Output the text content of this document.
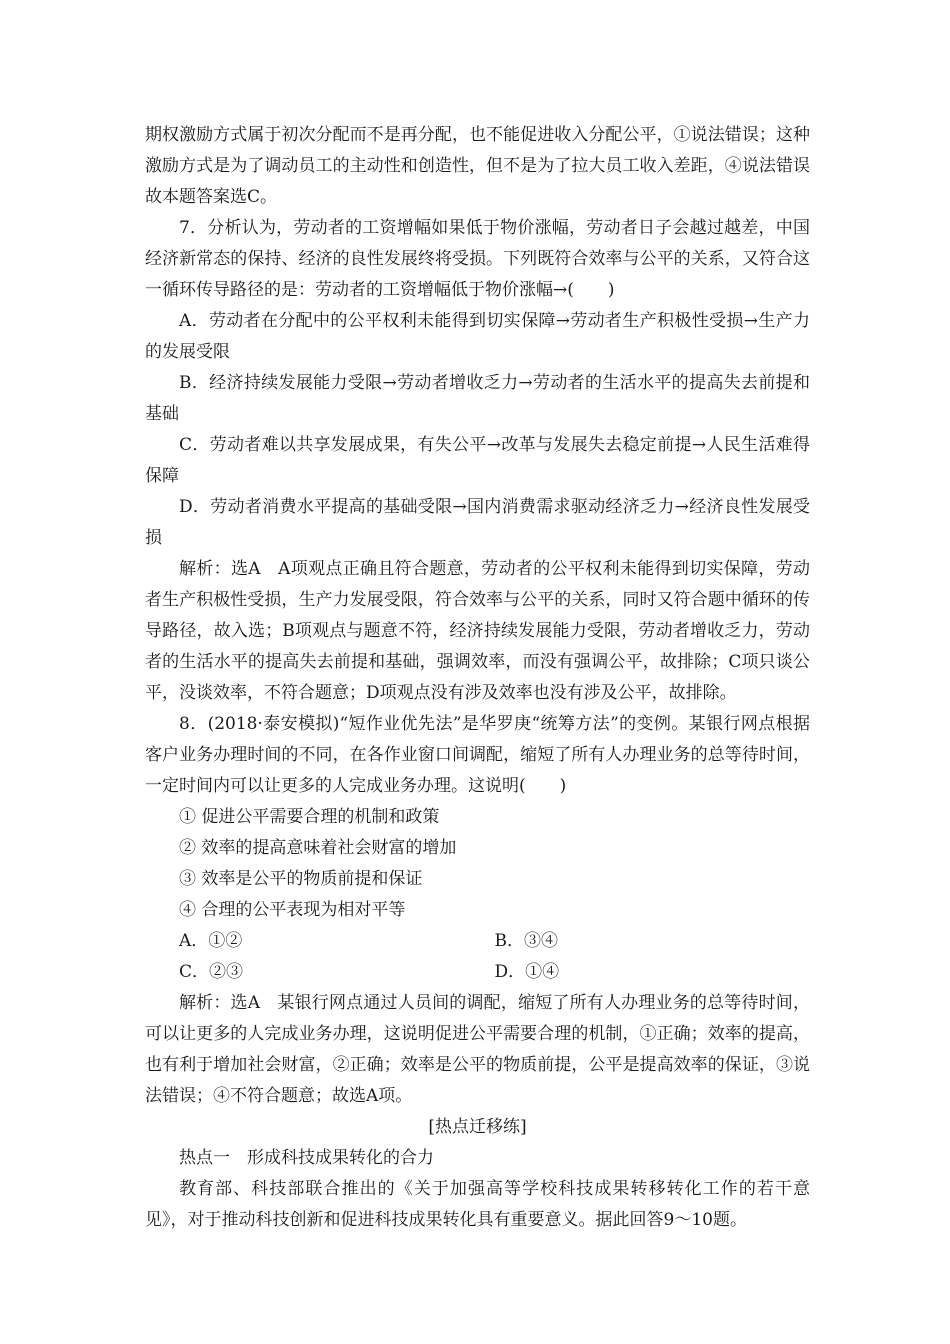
期权激励方式属于初次分配而不是再分配，也不能促进收入分配公平，①说法错误；这种激励方式是为了调动员工的主动性和创造性，但不是为了拉大员工收入差距，④说法错误故本题答案选C。

7．分析认为，劳动者的工资增幅如果低于物价涨幅，劳动者日子会越过越差，中国经济新常态的保持、经济的良性发展终将受损。下列既符合效率与公平的关系，又符合这一循环传导路径的是：劳动者的工资增幅低于物价涨幅→(　　)

A．劳动者在分配中的公平权利未能得到切实保障→劳动者生产积极性受损→生产力的发展受限

B．经济持续发展能力受限→劳动者增收乏力→劳动者的生活水平的提高失去前提和基础

C．劳动者难以共享发展成果，有失公平→改革与发展失去稳定前提→人民生活难得保障

D．劳动者消费水平提高的基础受限→国内消费需求驱动经济乏力→经济良性发展受损

解析：选A　A项观点正确且符合题意，劳动者的公平权利未能得到切实保障，劳动者生产积极性受损，生产力发展受限，符合效率与公平的关系，同时又符合题中循环的传导路径，故入选；B项观点与题意不符，经济持续发展能力受限，劳动者增收乏力，劳动者的生活水平的提高失去前提和基础，强调效率，而没有强调公平，故排除；C项只谈公平，没谈效率，不符合题意；D项观点没有涉及效率也没有涉及公平，故排除。

8．(2018·泰安模拟)“短作业优先法”是华罗庚“统筹方法”的变例。某银行网点根据客户业务办理时间的不同，在各作业窗口间调配，缩短了所有人办理业务的总等待时间，一定时间内可以让更多的人完成业务办理。这说明(　　)

① 促进公平需要合理的机制和政策

② 效率的提高意味着社会财富的增加

③ 效率是公平的物质前提和保证

④ 合理的公平表现为相对平等

A．①②	B．③④
C．②③	D．①④

解析：选A　某银行网点通过人员间的调配，缩短了所有人办理业务的总等待时间，可以让更多的人完成业务办理，这说明促进公平需要合理的机制，①正确；效率的提高，也有利于增加社会财富，②正确；效率是公平的物质前提，公平是提高效率的保证，③说法错误；④不符合题意；故选A项。

[热点迁移练]

热点一　形成科技成果转化的合力

教育部、科技部联合推出的《关于加强高等学校科技成果转移转化工作的若干意见》，对于推动科技创新和促进科技成果转化具有重要意义。据此回答9～10题。
